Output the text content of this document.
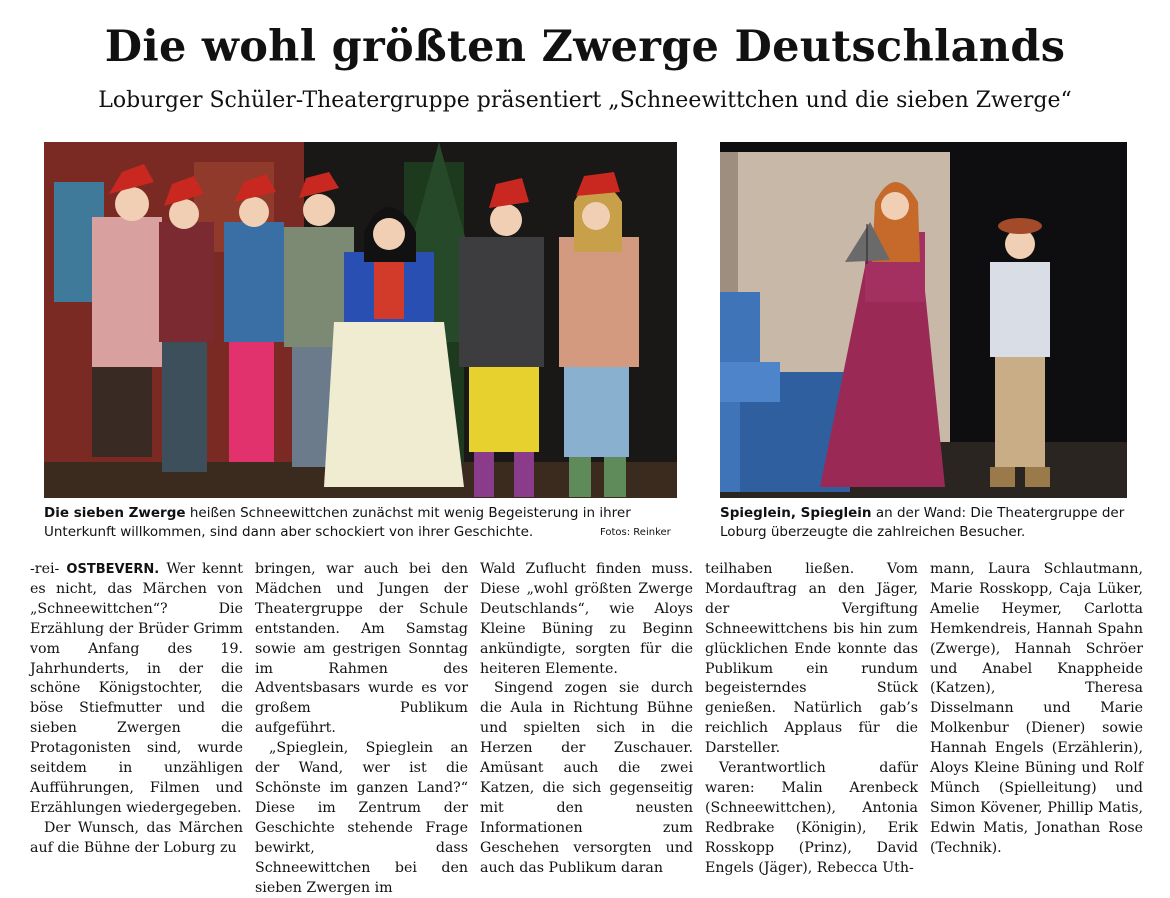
Die wohl größten Zwerge Deutschlands
Loburger Schüler-Theatergruppe präsentiert „Schneewittchen und die sieben Zwerge“
Die sieben Zwerge heißen Schneewittchen zunächst mit wenig Begeisterung in ihrer Unterkunft willkommen, sind dann aber schockiert von ihrer Geschichte.	Fotos: Reinker
Spieglein, Spieglein an der Wand: Die Theatergruppe der Loburg überzeugte die zahlreichen Besucher.

-rei- OSTBEVERN. Wer kennt es nicht, das Märchen von „Schneewittchen“? Die Erzählung der Brüder Grimm vom Anfang des 19. Jahrhunderts, in der die schöne Königstochter, die böse Stiefmutter und die sieben Zwergen die Protagonisten sind, wurde seitdem in unzähligen Aufführungen, Filmen und Erzählungen wiedergegeben.

Der Wunsch, das Märchen auf die Bühne der Loburg zu

bringen, war auch bei den Mädchen und Jungen der Theatergruppe der Schule entstanden. Am Samstag sowie am gestrigen Sonntag im Rahmen des Adventsbasars wurde es vor großem Publikum aufgeführt.

„Spieglein, Spieglein an der Wand, wer ist die Schönste im ganzen Land?“ Diese im Zentrum der Geschichte stehende Frage bewirkt, dass Schneewittchen bei den sieben Zwergen im

Wald Zuflucht finden muss. Diese „wohl größten Zwerge Deutschlands“, wie Aloys Kleine Büning zu Beginn ankündigte, sorgten für die heiteren Elemente.

Singend zogen sie durch die Aula in Richtung Bühne und spielten sich in die Herzen der Zuschauer. Amüsant auch die zwei Katzen, die sich gegenseitig mit den neusten Informationen zum Geschehen versorgten und auch das Publikum daran

teilhaben ließen. Vom Mordauftrag an den Jäger, der Vergiftung Schneewittchens bis hin zum glücklichen Ende konnte das Publikum ein rundum begeisterndes Stück genießen. Natürlich gab’s reichlich Applaus für die Darsteller.

Verantwortlich dafür waren: Malin Arenbeck (Schneewittchen), Antonia Redbrake (Königin), Erik Rosskopp (Prinz), David Engels (Jäger), Rebecca Uth-

mann, Laura Schlautmann, Marie Rosskopp, Caja Lüker, Amelie Heymer, Carlotta Hemkendreis, Hannah Spahn (Zwerge), Hannah Schröer und Anabel Knappheide (Katzen), Theresa Disselmann und Marie Molkenbur (Diener) sowie Hannah Engels (Erzählerin), Aloys Kleine Büning und Rolf Münch (Spielleitung) und Simon Kövener, Phillip Matis, Edwin Matis, Jonathan Rose (Technik).
